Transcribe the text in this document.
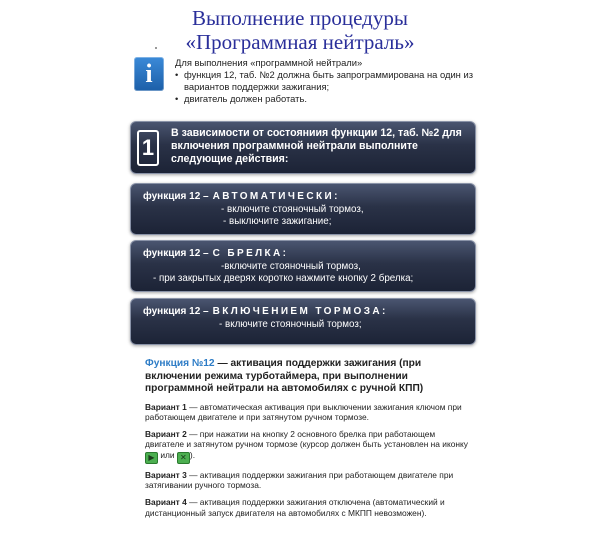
Выполнение процедуры
«Программная нейтраль»
i	Для выполнения «программной нейтрали»
• функция 12, таб. №2 должна быть запрограммирована на один из вариантов поддержки зажигания;
• двигатель должен работать.
1
В зависимости от состояниия функции 12, таб. №2 для включения программной нейтрали выполните следующие действия:
функция 12 – АВТОМАТИЧЕСКИ:
- включите стояночный тормоз,
- выключите зажигание;
функция 12 – С БРЕЛКА:
-включите стояночный тормоз,
- при закрытых дверях коротко нажмите кнопку 2 брелка;
функция 12 – ВКЛЮЧЕНИЕМ ТОРМОЗА:
- включите стояночный тормоз;
Функция №12 — активация поддержки зажигания (при включении режима турботаймера, при выполнении программной нейтрали на автомобилях с ручной КПП)
Вариант 1 — автоматическая активация при выключении зажигания ключом при работающем двигателе и при затянутом ручном тормозе.
Вариант 2 — при нажатии на кнопку 2 основного брелка при работающем двигателе и затянутом ручном тормозе (курсор должен быть установлен на иконку ▶ или ✕ ).
Вариант 3 — активация поддержки зажигания при работающем двигателе при затягивании ручного тормоза.
Вариант 4 — активация поддержки зажигания отключена (автоматический и дистанционный запуск двигателя на автомобилях с МКПП невозможен).
